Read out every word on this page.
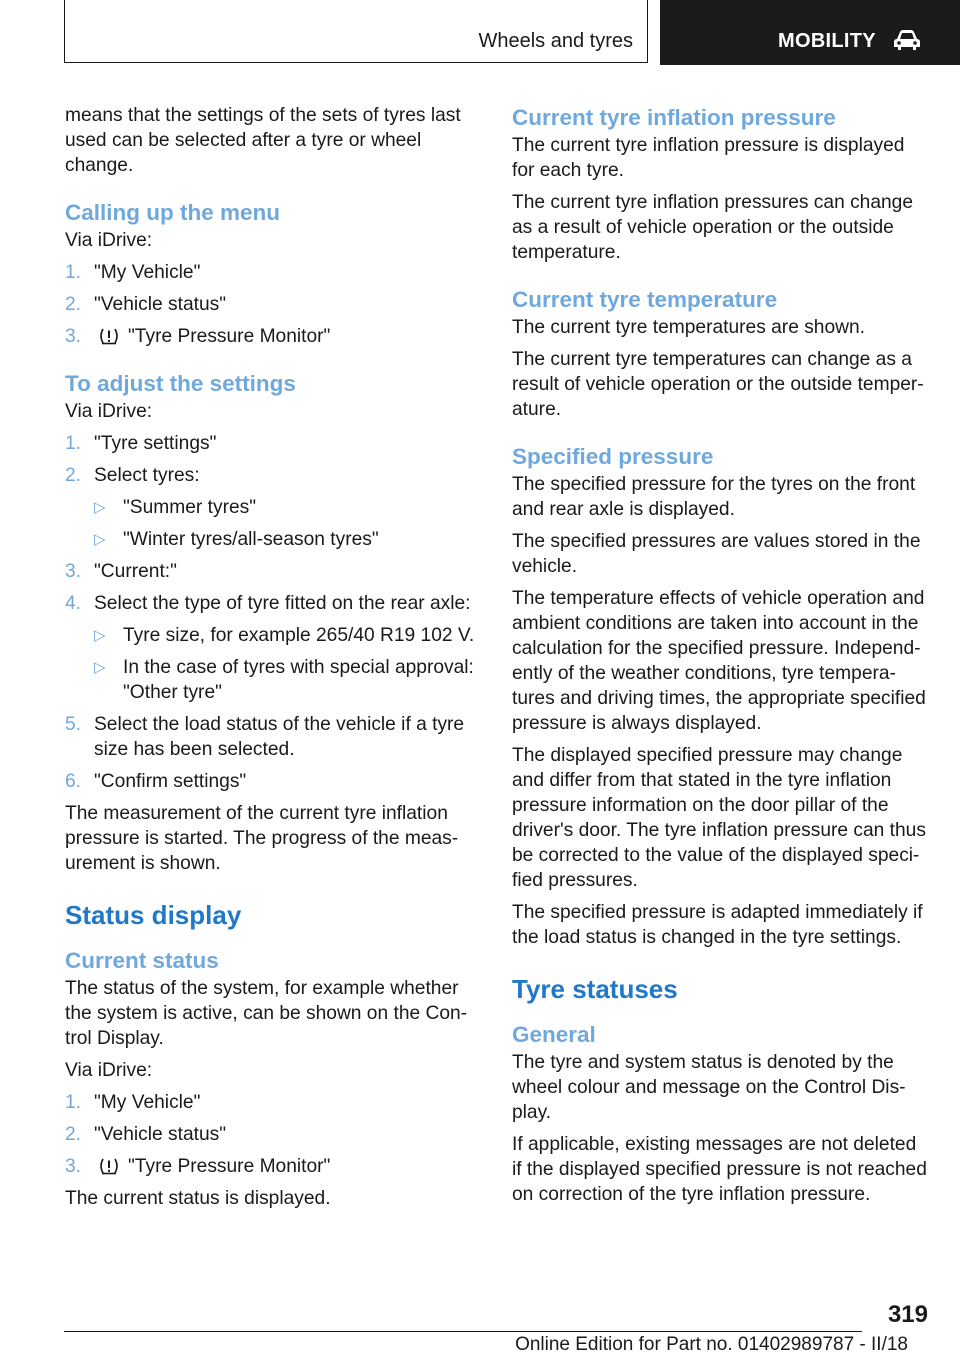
Wheels and tyres	MOBILITY

means that the settings of the sets of tyres last used can be selected after a tyre or wheel change.

Calling up the menu

Via iDrive:

1. "My Vehicle"
2. "Vehicle status"
3. "Tyre Pressure Monitor"
To adjust the settings

Via iDrive:

1. "Tyre settings"
2. Select tyres:
▷ "Summer tyres"
▷ "Winter tyres/all-season tyres"
3. "Current:"
4. Select the type of tyre fitted on the rear axle:
▷ Tyre size, for example 265/40 R19 102 V.
▷ In the case of tyres with special approval: "Other tyre"
5. Select the load status of the vehicle if a tyre size has been selected.
6. "Confirm settings"

The measurement of the current tyre inflation pressure is started. The progress of the meas-urement is shown.

Status display
Current status

The status of the system, for example whether the system is active, can be shown on the Con-trol Display.

Via iDrive:

1. "My Vehicle"
2. "Vehicle status"
3. "Tyre Pressure Monitor"

The current status is displayed.

Current tyre inflation pressure

The current tyre inflation pressure is displayed for each tyre.

The current tyre inflation pressures can change as a result of vehicle operation or the outside temperature.

Current tyre temperature

The current tyre temperatures are shown.

The current tyre temperatures can change as a result of vehicle operation or the outside temper-ature.

Specified pressure

The specified pressure for the tyres on the front and rear axle is displayed.

The specified pressures are values stored in the vehicle.

The temperature effects of vehicle operation and ambient conditions are taken into account in the calculation for the specified pressure. Independ-ently of the weather conditions, tyre tempera-tures and driving times, the appropriate specified pressure is always displayed.

The displayed specified pressure may change and differ from that stated in the tyre inflation pressure information on the door pillar of the driver's door. The tyre inflation pressure can thus be corrected to the value of the displayed speci-fied pressures.

The specified pressure is adapted immediately if the load status is changed in the tyre settings.

Tyre statuses
General

The tyre and system status is denoted by the wheel colour and message on the Control Dis-play.

If applicable, existing messages are not deleted if the displayed specified pressure is not reached on correction of the tyre inflation pressure.

319
Online Edition for Part no. 01402989787 - II/18
